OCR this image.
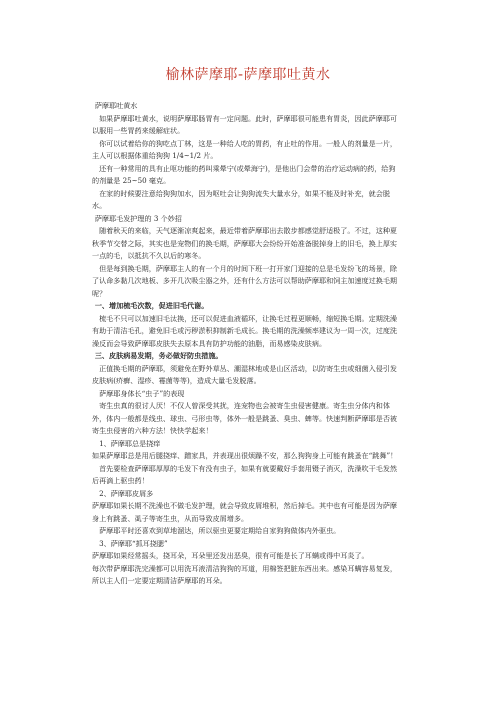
榆林萨摩耶-萨摩耶吐黄水

萨摩耶吐黄水

如果萨摩耶吐黄水，说明萨摩耶肠胃有一定问题。此时，萨摩耶很可能患有胃炎，因此萨摩耶可以服用一些胃药来缓解症状。

你可以试着给你的狗吃点丁林，这是一种给人吃的胃药，有止吐的作用。一般人的剂量是一片，主人可以根据体重给狗狗 1/4~1/2 片。

还有一种常用的具有止呕功能的药叫乘晕宁(或晕海宁)，是他出门会带的治疗运动病的药，给狗的剂量是 25~50 毫克。

在家的时候要注意给狗狗加水，因为呕吐会让狗狗流失大量水分，如果不能及时补充，就会脱水。

萨摩耶毛发护理的 3 个妙招

随着秋天的来临，天气逐渐凉爽起来，最近带着萨摩耶出去散步都感觉舒适极了。不过，这种夏秋季节交替之际，其实也是宠物们的换毛期，萨摩耶大会纷纷开始准备脱掉身上的旧毛，换上厚实一点的毛，以抵抗不久以后的寒冬。

但是每到换毛期，萨摩耶主人的有一个月的时间下班一打开家门迎接的总是毛发纷飞的场景，除了认命多黏几次地板、多开几次吸尘器之外，还有什么方法可以帮助萨摩耶和饲主加速度过换毛期呢？

一、增加梳毛次数，促进旧毛代谢。

梳毛不只可以加速旧毛汰换，还可以促进血液循环，让换毛过程更顺畅，缩短换毛期。定期洗澡有助于清洁毛孔，避免旧毛或污秽淤积抑制新毛成长。换毛期的洗澡频率建议为一周一次，过度洗澡反而会导致萨摩耶皮肤失去原本具有防护功能的油脂，而易感染皮肤病。

三、皮肤病易发期，务必做好防虫措施。

正值换毛期的萨摩耶，须避免在野外草丛、潮湿林地或是山区活动，以防寄生虫或细菌入侵引发皮肤病(疥癣、湿疹、霉菌等等)，造成大量毛发脱落。

萨摩耶身体长“虫子”的表现

寄生虫真的很讨人厌！不仅人曾深受其扰，连宠物也会被寄生虫侵害健康。寄生虫分体内和体外，体内一般都是线虫、球虫、弓形虫等，体外一般是跳蚤、臭虫、蜱等。快速判断萨摩耶是否被寄生虫侵害的六种方法！快快学起来！

1、萨摩耶总是挠痒

如果萨摩耶总是用后腿挠痒、蹭家具，并表现出很烦躁不安，那么狗狗身上可能有跳蚤在“跳舞”！

首先要检查萨摩耶厚厚的毛发下有没有虫子，如果有就要戴好手套用镊子消灭，洗澡吹干毛发然后再滴上驱虫药！

2、萨摩耶皮屑多

萨摩耶如果长期不洗澡也不做毛发护理，就会导致皮屑堆积，然后掉毛。其中也有可能是因为萨摩身上有跳蚤、虱子等寄生虫，从而导致皮屑增多。

萨摩耶平时还喜欢到草地溜达，所以驱虫更要定期给自家狗狗做体内外驱虫。

3、萨摩耶“抓耳挠腮”

萨摩耶如果经常摇头，挠耳朵，耳朵里还发出恶臭，很有可能是长了耳螨或得中耳炎了。

每次带萨摩耶洗完澡都可以用洗耳液清洁狗狗的耳道，用棉签把脏东西出来。感染耳螨容易复发，所以主人们一定要定期清洁萨摩耶的耳朵。
